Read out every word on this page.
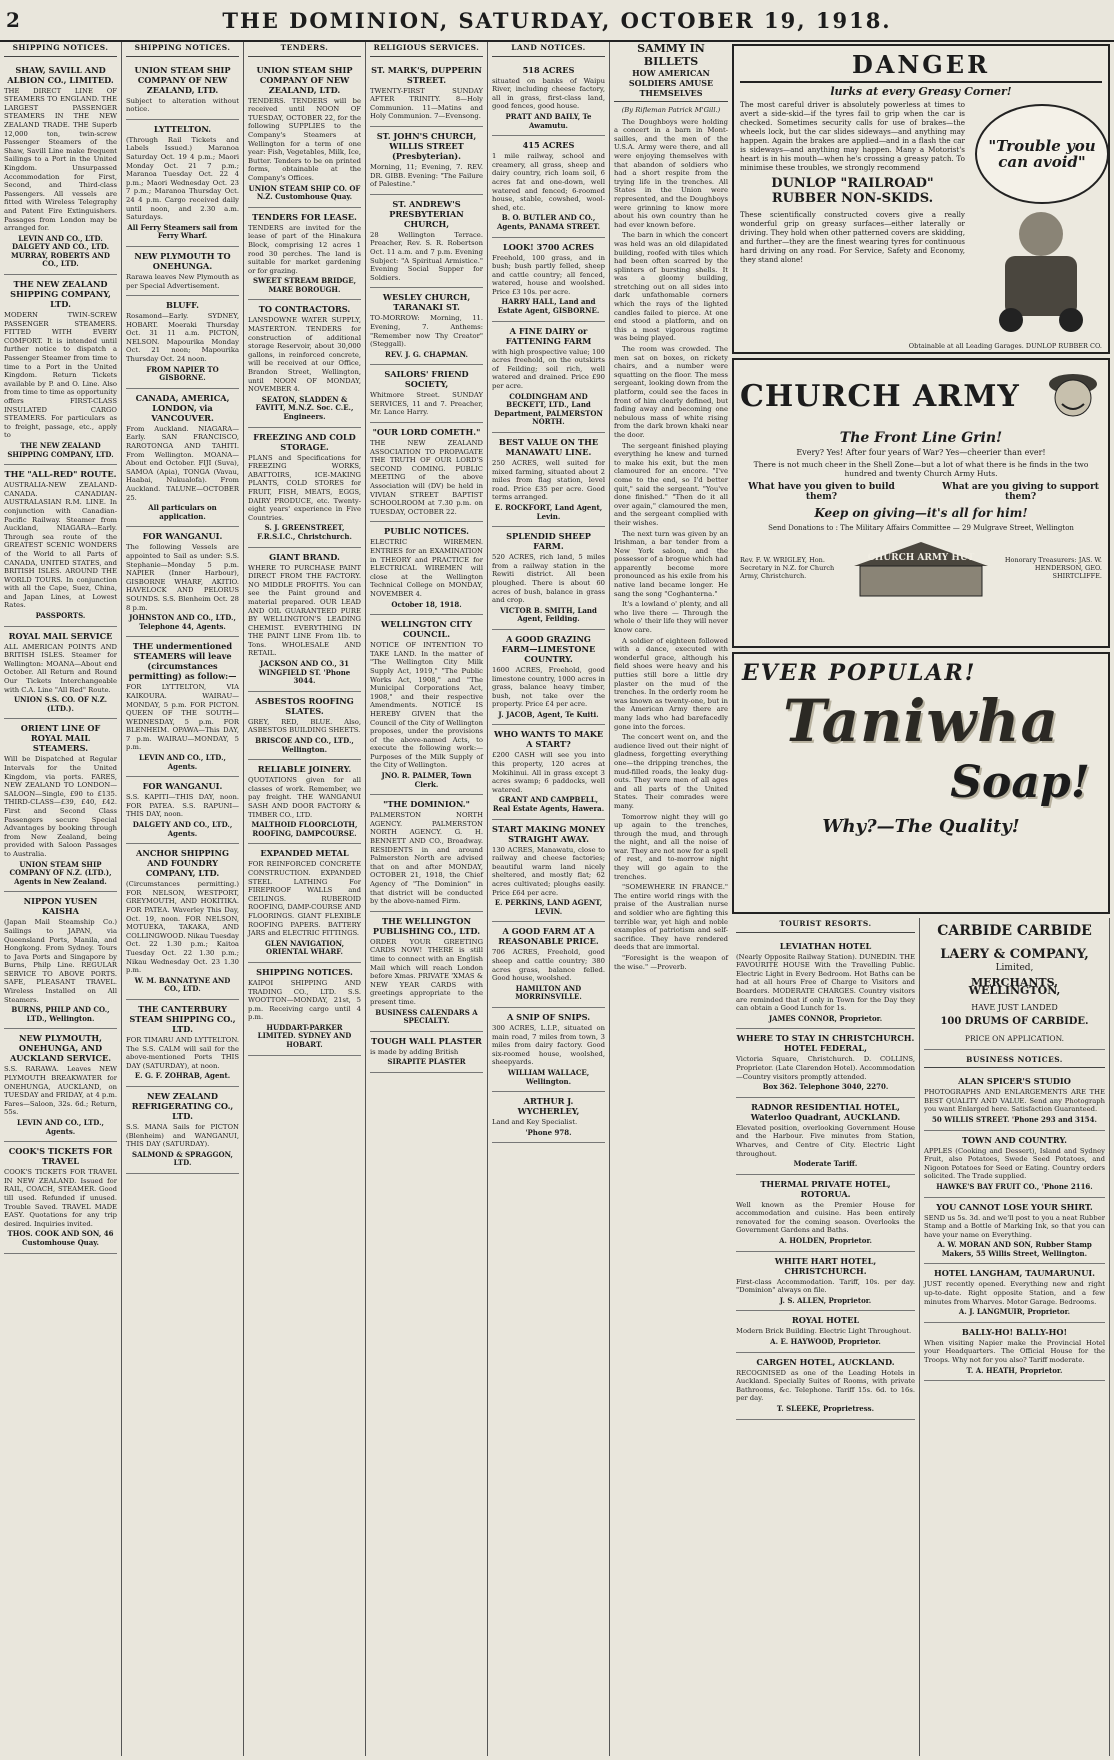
2	THE DOMINION, SATURDAY, OCTOBER 19, 1918.
SHIPPING NOTICES.
SHAW, SAVILL AND ALBION CO., LIMITED.
THE DIRECT LINE OF STEAMERS TO ENGLAND. THE LARGEST PASSENGER STEAMERS IN THE NEW ZEALAND TRADE. THE Superb 12,000 ton, twin-screw Passenger Steamers of the Shaw, Savill Line make frequent Sailings to a Port in the United Kingdom. Unsurpassed Accommodation for First, Second, and Third-class Passengers. All vessels are fitted with Wireless Telegraphy and Patent Fire Extinguishers. Passages from London may be arranged for.
LEVIN AND CO., LTD. DALGETY AND CO., LTD. MURRAY, ROBERTS AND CO., LTD.
THE NEW ZEALAND SHIPPING COMPANY, LTD.
MODERN TWIN-SCREW PASSENGER STEAMERS. FITTED WITH EVERY COMFORT. It is intended until further notice to dispatch a Passenger Steamer from time to time to a Port in the United Kingdom. Return Tickets available by P. and O. Line. Also from time to time as opportunity offers FIRST-CLASS INSULATED CARGO STEAMERS. For particulars as to freight, passage, etc., apply to
THE NEW ZEALAND SHIPPING COMPANY, LTD.
THE "ALL-RED" ROUTE.
AUSTRALIA-NEW ZEALAND-CANADA. CANADIAN-AUSTRALASIAN R.M. LINE. In conjunction with Canadian-Pacific Railway. Steamer from Auckland, NIAGARA—Early. Through sea route of the GREATEST SCENIC WONDERS of the World to all Parts of CANADA, UNITED STATES, and BRITISH ISLES. AROUND THE WORLD TOURS. In conjunction with all the Cape, Suez, China, and Japan Lines, at Lowest Rates.
PASSPORTS.
ROYAL MAIL SERVICE
ALL AMERICAN POINTS AND BRITISH ISLES. Steamer for Wellington: MOANA—About end October. All Return and Round Our Tickets Interchangeable with C.A. Line "All Red" Route.
UNION S.S. CO. OF N.Z. (LTD.).
ORIENT LINE OF ROYAL MAIL STEAMERS.
Will be Dispatched at Regular Intervals for the United Kingdom, via ports. FARES, NEW ZEALAND TO LONDON—SALOON—Single, £90 to £135. THIRD-CLASS—£39, £40, £42. First and Second Class Passengers secure Special Advantages by booking through from New Zealand, being provided with Saloon Passages to Australia.
UNION STEAM SHIP COMPANY OF N.Z. (LTD.), Agents in New Zealand.
NIPPON YUSEN KAISHA
(Japan Mail Steamship Co.) Sailings to JAPAN, via Queensland Ports, Manila, and Hongkong. From Sydney. Tours to Java Ports and Singapore by Burns, Philp Line. REGULAR SERVICE TO ABOVE PORTS. SAFE, PLEASANT TRAVEL. Wireless Installed on All Steamers.
BURNS, PHILP AND CO., LTD., Wellington.
NEW PLYMOUTH, ONEHUNGA, AND AUCKLAND SERVICE.
S.S. RARAWA. Leaves NEW PLYMOUTH BREAKWATER for ONEHUNGA, AUCKLAND, on TUESDAY and FRIDAY, at 4 p.m. Fares—Saloon, 32s. 6d.; Return, 55s.
LEVIN AND CO., LTD., Agents.
COOK'S TICKETS FOR TRAVEL
COOK'S TICKETS FOR TRAVEL IN NEW ZEALAND. Issued for RAIL, COACH, STEAMER. Good till used. Refunded if unused. Trouble Saved. TRAVEL MADE EASY. Quotations for any trip desired. Inquiries invited.
THOS. COOK AND SON, 46 Customhouse Quay.
SHIPPING NOTICES.
UNION STEAM SHIP COMPANY OF NEW ZEALAND, LTD.
Subject to alteration without notice.
LYTTELTON.
(Through Rail Tickets and Labels Issued.) Maranoa Saturday Oct. 19 4 p.m.; Maori Monday Oct. 21 7 p.m.; Maranoa Tuesday Oct. 22 4 p.m.; Maori Wednesday Oct. 23 7 p.m.; Maranoa Thursday Oct. 24 4 p.m. Cargo received daily until noon, and 2.30 a.m. Saturdays.
All Ferry Steamers sail from Ferry Wharf.
NEW PLYMOUTH TO ONEHUNGA.
Rarawa leaves New Plymouth as per Special Advertisement.
BLUFF.
Rosamond—Early. SYDNEY, HOBART. Moeraki Thursday Oct. 31 11 a.m. PICTON, NELSON. Mapourika Monday Oct. 21 noon; Mapourika Thursday Oct. 24 noon.
FROM NAPIER TO GISBORNE.
CANADA, AMERICA, LONDON, via VANCOUVER.
From Auckland. NIAGARA—Early. SAN FRANCISCO, RAROTONGA AND TAHITI. From Wellington. MOANA—About end October. FIJI (Suva), SAMOA (Apia), TONGA (Vavau, Haabai, Nukualofa). From Auckland. TALUNE—OCTOBER 25.
All particulars on application.
FOR WANGANUI.
The following Vessels are appointed to Sail as under: S.S. Stephanie—Monday 5 p.m. NAPIER (Inner Harbour), GISBORNE WHARF, AKITIO. HAVELOCK AND PELORUS SOUNDS. S.S. Blenheim Oct. 28 8 p.m.
JOHNSTON AND CO., LTD., Telephone 44, Agents.
THE undermentioned STEAMERS will leave (circumstances permitting) as follow:—
FOR LYTTELTON, VIA KAIKOURA. WAIRAU—MONDAY, 5 p.m. FOR PICTON. QUEEN OF THE SOUTH—WEDNESDAY, 5 p.m. FOR BLENHEIM. OPAWA—This DAY, 7 p.m. WAIRAU—MONDAY, 5 p.m.
LEVIN AND CO., LTD., Agents.
FOR WANGANUI.
S.S. KAPITI—THIS DAY, noon. FOR PATEA. S.S. RAPUNI—THIS DAY, noon.
DALGETY AND CO., LTD., Agents.
ANCHOR SHIPPING AND FOUNDRY COMPANY, LTD.
(Circumstances permitting.) FOR NELSON, WESTPORT, GREYMOUTH, AND HOKITIKA. FOR PATEA. Waverley This Day, Oct. 19, noon. FOR NELSON, MOTUEKA, TAKAKA, AND COLLINGWOOD. Nikau Tuesday Oct. 22 1.30 p.m.; Kaitoa Tuesday Oct. 22 1.30 p.m.; Nikau Wednesday Oct. 23 1.30 p.m.
W. M. BANNATYNE AND CO., LTD.
THE CANTERBURY STEAM SHIPPING CO., LTD.
FOR TIMARU AND LYTTELTON. The S.S. CALM will sail for the above-mentioned Ports THIS DAY (SATURDAY), at noon.
E. G. F. ZOHRAB, Agent.
NEW ZEALAND REFRIGERATING CO., LTD.
S.S. MANA Sails for PICTON (Blenheim) and WANGANUI, THIS DAY (SATURDAY).
SALMOND & SPRAGGON, LTD.
TENDERS.
UNION STEAM SHIP COMPANY OF NEW ZEALAND, LTD.
TENDERS. TENDERS will be received until NOON OF TUESDAY, OCTOBER 22, for the following SUPPLIES to the Company's Steamers at Wellington for a term of one year: Fish, Vegetables, Milk, Ice, Butter. Tenders to be on printed forms, obtainable at the Company's Offices.
UNION STEAM SHIP CO. OF N.Z. Customhouse Quay.
TENDERS FOR LEASE.
TENDERS are invited for the lease of part of the Hinakura Block, comprising 12 acres 1 rood 30 perches. The land is suitable for market gardening or for grazing.
SWEET STREAM BRIDGE, MARE BOROUGH.
TO CONTRACTORS.
LANSDOWNE WATER SUPPLY, MASTERTON. TENDERS for construction of additional storage Reservoir, about 30,000 gallons, in reinforced concrete, will be received at our Office, Brandon Street, Wellington, until NOON OF MONDAY, NOVEMBER 4.
SEATON, SLADDEN & FAVITT, M.N.Z. Soc. C.E., Engineers.
FREEZING AND COLD STORAGE.
PLANS and Specifications for FREEZING WORKS, ABATTOIRS, ICE-MAKING PLANTS, COLD STORES for FRUIT, FISH, MEATS, EGGS, DAIRY PRODUCE, etc. Twenty-eight years' experience in Five Countries.
S. J. GREENSTREET, F.R.S.I.C., Christchurch.
GIANT BRAND.
WHERE TO PURCHASE PAINT DIRECT FROM THE FACTORY. NO MIDDLE PROFITS. You can see the Paint ground and material prepared. OUR LEAD AND OIL GUARANTEED PURE BY WELLINGTON'S LEADING CHEMIST. EVERYTHING IN THE PAINT LINE From 1lb. to Tons. WHOLESALE AND RETAIL.
JACKSON AND CO., 31 WINGFIELD ST. 'Phone 3044.
ASBESTOS ROOFING SLATES.
GREY, RED, BLUE. Also, ASBESTOS BUILDING SHEETS.
BRISCOE AND CO., LTD., Wellington.
RELIABLE JOINERY.
QUOTATIONS given for all classes of work. Remember, we pay freight. THE WANGANUI SASH AND DOOR FACTORY & TIMBER CO., LTD.
MALTHOID FLOORCLOTH, ROOFING, DAMPCOURSE.
EXPANDED METAL
FOR REINFORCED CONCRETE CONSTRUCTION. EXPANDED STEEL LATHING For FIREPROOF WALLS and CEILINGS. RUBEROID ROOFING, DAMP-COURSE AND FLOORINGS. GIANT FLEXIBLE ROOFING PAPERS. BATTERY JARS and ELECTRIC FITTINGS.
GLEN NAVIGATION, ORIENTAL WHARF.
SHIPPING NOTICES.
KAIPOI SHIPPING AND TRADING CO., LTD. S.S. WOOTTON—MONDAY, 21st, 5 p.m. Receiving cargo until 4 p.m.
HUDDART-PARKER LIMITED. SYDNEY AND HOBART.
RELIGIOUS SERVICES.
ST. MARK'S, DUPPERIN STREET.
TWENTY-FIRST SUNDAY AFTER TRINITY. 8—Holy Communion. 11—Matins and Holy Communion. 7—Evensong.
ST. JOHN'S CHURCH, WILLIS STREET (Presbyterian).
Morning, 11; Evening, 7. REV. DR. GIBB. Evening: "The Failure of Palestine."
ST. ANDREW'S PRESBYTERIAN CHURCH,
28 Wellington Terrace. Preacher, Rev. S. R. Robertson Oct. 11 a.m. and 7 p.m. Evening Subject: "A Spiritual Armistice." Evening Social Supper for Soldiers.
WESLEY CHURCH, TARANAKI ST.
TO-MORROW: Morning, 11. Evening, 7. Anthems: "Remember now Thy Creator" (Steggall).
REV. J. G. CHAPMAN.
SAILORS' FRIEND SOCIETY,
Whitmore Street. SUNDAY SERVICES, 11 and 7. Preacher, Mr. Lance Harry.
"OUR LORD COMETH."
THE NEW ZEALAND ASSOCIATION TO PROPAGATE THE TRUTH OF OUR LORD'S SECOND COMING. PUBLIC MEETING of the above Association will (DV) be held in VIVIAN STREET BAPTIST SCHOOLROOM at 7.30 p.m. on TUESDAY, OCTOBER 22.
PUBLIC NOTICES.
ELECTRIC WIREMEN. ENTRIES for an EXAMINATION in THEORY and PRACTICE for ELECTRICAL WIREMEN will close at the Wellington Technical College on MONDAY, NOVEMBER 4.
October 18, 1918.
WELLINGTON CITY COUNCIL.
NOTICE OF INTENTION TO TAKE LAND. In the matter of "The Wellington City Milk Supply Act, 1919," "The Public Works Act, 1908," and "The Municipal Corporations Act, 1908," and their respective Amendments. NOTICE IS HEREBY GIVEN that the Council of the City of Wellington proposes, under the provisions of the above-named Acts, to execute the following work:—Purposes of the Milk Supply of the City of Wellington.
JNO. R. PALMER, Town Clerk.
"THE DOMINION."
PALMERSTON NORTH AGENCY. PALMERSTON NORTH AGENCY. G. H. BENNETT AND CO., Broadway. RESIDENTS in and around Palmerston North are advised that on and after MONDAY, OCTOBER 21, 1918, the Chief Agency of "The Dominion" in that district will be conducted by the above-named Firm.
THE WELLINGTON PUBLISHING CO., LTD.
ORDER YOUR GREETING CARDS NOW! THERE is still time to connect with an English Mail which will reach London before Xmas. PRIVATE 'XMAS & NEW YEAR CARDS with greetings appropriate to the present time.
BUSINESS CALENDARS A SPECIALTY.
TOUGH WALL PLASTER
is made by adding British
SIRAPITE PLASTER
LAND NOTICES.
518 ACRES
situated on banks of Waipu River, including cheese factory, all in grass, first-class land, good fences, good house.
PRATT AND BAILY, Te Awamutu.
415 ACRES
1 mile railway, school and creamery, all grass, sheep and dairy country, rich loam soil, 6 acres fat and one-down, well watered and fenced; 6-roomed house, stable, cowshed, wool-shed, etc.
B. O. BUTLER AND CO., Agents, PANAMA STREET.
LOOK! 3700 ACRES
Freehold, 100 grass, and in bush; bush partly felled, sheep and cattle country; all fenced, watered, house and woolshed. Price £3 10s. per acre.
HARRY HALL, Land and Estate Agent, GISBORNE.
A FINE DAIRY or FATTENING FARM
with high prospective value; 100 acres freehold, on the outskirts of Feilding; soil rich, well watered and drained. Price £90 per acre.
COLDINGHAM AND BECKETT, LTD., Land Department, PALMERSTON NORTH.
BEST VALUE ON THE MANAWATU LINE.
250 ACRES, well suited for mixed farming, situated about 2 miles from flag station, level road. Price £35 per acre. Good terms arranged.
E. ROCKFORT, Land Agent, Levin.
SPLENDID SHEEP FARM.
520 ACRES, rich land, 5 miles from a railway station in the Rewiti district. All been ploughed. There is about 60 acres of bush, balance in grass and crop.
VICTOR B. SMITH, Land Agent, Feilding.
A GOOD GRAZING FARM—LIMESTONE COUNTRY.
1600 ACRES, Freehold, good limestone country, 1000 acres in grass, balance heavy timber, bush, not take over the property. Price £4 per acre.
J. JACOB, Agent, Te Kuiti.
WHO WANTS TO MAKE A START?
£200 CASH will see you into this property, 120 acres at Mokihinui. All in grass except 3 acres swamp; 6 paddocks, well watered.
GRANT AND CAMPBELL, Real Estate Agents, Hawera.
START MAKING MONEY STRAIGHT AWAY.
130 ACRES, Manawatu, close to railway and cheese factories; beautiful warm land nicely sheltered, and mostly flat; 62 acres cultivated; ploughs easily. Price £64 per acre.
E. PERKINS, LAND AGENT, LEVIN.
A GOOD FARM AT A REASONABLE PRICE.
706 ACRES, Freehold, good sheep and cattle country; 380 acres grass, balance felled. Good house, woolshed.
HAMILTON AND MORRINSVILLE.
A SNIP OF SNIPS.
300 ACRES, L.I.P., situated on main road, 7 miles from town, 3 miles from dairy factory. Good six-roomed house, woolshed, sheepyards.
WILLIAM WALLACE, Wellington.
ARTHUR J. WYCHERLEY,
Land and Key Specialist.
'Phone 978.
DANGER
lurks at every Greasy Corner!
The most careful driver is absolutely powerless at times to avert a side-skid—if the tyres fail to grip when the car is checked. Sometimes security calls for use of brakes—the wheels lock, but the car slides sideways—and anything may happen. Again the brakes are applied—and in a flash the car is sideways—and anything may happen. Many a Motorist's heart is in his mouth—when he's crossing a greasy patch. To minimise these troubles, we strongly recommend
DUNLOP "RAILROAD" RUBBER NON-SKIDS.
These scientifically constructed covers give a really wonderful grip on greasy surfaces—either laterally or driving. They hold when other patterned covers are skidding, and further—they are the finest wearing tyres for continuous hard driving on any road. For Service, Safety and Economy, they stand alone!
"Trouble you can avoid"
Obtainable at all Leading Garages. DUNLOP RUBBER CO.
CHURCH ARMY
The Front Line Grin!
Every? Yes! After four years of War? Yes—cheerier than ever!
There is not much cheer in the Shell Zone—but a lot of what there is he finds in the two hundred and twenty Church Army Huts.
What have you given to build them?
What are you giving to support them?
Keep on giving—it's all for him!
Send Donations to : The Military Affairs Committee — 29 Mulgrave Street, Wellington
Rev. F. W. WRIGLEY, Hon. Secretary in N.Z. for Church Army, Christchurch.
CHURCH ARMY HUT	Honorary Treasurers: JAS. W. HENDERSON, GEO. SHIRTCLIFFE.
EVER POPULAR!
Taniwha
Soap!
Why?—The Quality!
TOURIST RESORTS.
LEVIATHAN HOTEL
(Nearly Opposite Railway Station). DUNEDIN. THE FAVOURITE HOUSE With the Travelling Public. Electric Light in Every Bedroom. Hot Baths can be had at all hours Free of Charge to Visitors and Boarders. MODERATE CHARGES. Country visitors are reminded that if only in Town for the Day they can obtain a Good Lunch for 1s.
JAMES CONNOR, Proprietor.
WHERE TO STAY IN CHRISTCHURCH. HOTEL FEDERAL,
Victoria Square, Christchurch. D. COLLINS, Proprietor. (Late Clarendon Hotel). Accommodation—Country visitors promptly attended.
Box 362. Telephone 3040, 2270.
RADNOR RESIDENTIAL HOTEL, Waterloo Quadrant, AUCKLAND.
Elevated position, overlooking Government House and the Harbour. Five minutes from Station, Wharves, and Centre of City. Electric Light throughout.
Moderate Tariff.
THERMAL PRIVATE HOTEL, ROTORUA.
Well known as the Premier House for accommodation and cuisine. Has been entirely renovated for the coming season. Overlooks the Government Gardens and Baths.
A. HOLDEN, Proprietor.
WHITE HART HOTEL, CHRISTCHURCH.
First-class Accommodation. Tariff, 10s. per day. "Dominion" always on file.
J. S. ALLEN, Proprietor.
ROYAL HOTEL
Modern Brick Building. Electric Light Throughout.
A. E. HAYWOOD, Proprietor.
CARGEN HOTEL, AUCKLAND.
RECOGNISED as one of the Leading Hotels in Auckland. Specially Suites of Rooms, with private Bathrooms, &c. Telephone. Tariff 15s. 6d. to 16s. per day.
T. SLEEKE, Proprietress.
CARBIDE CARBIDE
LAERY & COMPANY,
Limited,
MERCHANTS, WELLINGTON,
HAVE JUST LANDED
100 DRUMS OF CARBIDE.
PRICE ON APPLICATION.
BUSINESS NOTICES.
ALAN SPICER'S STUDIO
PHOTOGRAPHS AND ENLARGEMENTS ARE THE BEST QUALITY AND VALUE. Send any Photograph you want Enlarged here. Satisfaction Guaranteed.
50 WILLIS STREET. 'Phone 293 and 3154.
TOWN AND COUNTRY.
APPLES (Cooking and Dessert), Island and Sydney Fruit, also Potatoes, Swede Seed Potatoes, and Nigoon Potatoes for Seed or Eating. Country orders solicited. The Trade supplied.
HAWKE'S BAY FRUIT CO., 'Phone 2116.
YOU CANNOT LOSE YOUR SHIRT.
SEND us 5s. 3d. and we'll post to you a neat Rubber Stamp and a Bottle of Marking Ink, so that you can have your name on Everything.
A. W. MORAN AND SON, Rubber Stamp Makers, 55 Willis Street, Wellington.
HOTEL LANGHAM, TAUMARUNUI.
JUST recently opened. Everything new and right up-to-date. Right opposite Station, and a few minutes from Wharves. Motor Garage. Bedrooms.
A. J. LANGMUIR, Proprietor.
BALLY-HO! BALLY-HO!
When visiting Napier make the Provincial Hotel your Headquarters. The Official House for the Troops. Why not for you also? Tariff moderate.
T. A. HEATH, Proprietor.
SAMMY IN BILLETS
HOW AMERICAN SOLDIERS AMUSE THEMSELVES
(By Rifleman Patrick M'Gill.)

The Doughboys were holding a concert in a barn in Mont-sailles, and the men of the U.S.A. Army were there, and all were enjoying themselves with that abandon of soldiers who had a short respite from the trying life in the trenches. All States in the Union were represented, and the Doughboys were grinning to know more about his own country than he had ever known before.

The barn in which the concert was held was an old dilapidated building, roofed with tiles which had been often scarred by the splinters of bursting shells. It was a gloomy building, stretching out on all sides into dark unfathomable corners which the rays of the lighted candles failed to pierce. At one end stood a platform, and on this a most vigorous ragtime was being played.

The room was crowded. The men sat on boxes, on rickety chairs, and a number were squatting on the floor. The mess sergeant, looking down from the platform, could see the faces in front of him clearly defined, but fading away and becoming one nebulous mass of white rising from the dark brown khaki near the door.

The sergeant finished playing everything he knew and turned to make his exit, but the men clamoured for an encore. "I've come to the end, so I'd better quit," said the sergeant. "You've done finished." "Then do it all over again," clamoured the men, and the sergeant complied with their wishes.

The next turn was given by an Irishman, a bar tender from a New York saloon, and the possessor of a brogue which had apparently become more pronounced as his exile from his native land became longer. He sang the song "Coghanterna."

It's a lowland o' plenty, and all who live there — Through the whole o' their life they will never know care.

A soldier of eighteen followed with a dance, executed with wonderful grace, although his field shoes were heavy and his putties still bore a little dry plaster on the mud of the trenches. In the orderly room he was known as twenty-one, but in the American Army there are many lads who had barefacedly gone into the forces.

The concert went on, and the audience lived out their night of gladness, forgetting everything one—the dripping trenches, the mud-filled roads, the leaky dug-outs. They were men of all ages and all parts of the United States. Their comrades were many.

Tomorrow night they will go up again to the trenches, through the mud, and through the night, and all the noise of war. They are not now for a spell of rest, and to-morrow night they will go again to the trenches.

"SOMEWHERE IN FRANCE." The entire world rings with the praise of the Australian nurse and soldier who are fighting this terrible war, yet high and noble examples of patriotism and self-sacrifice. They have rendered deeds that are immortal.

"Foresight is the weapon of the wise." —Proverb.
